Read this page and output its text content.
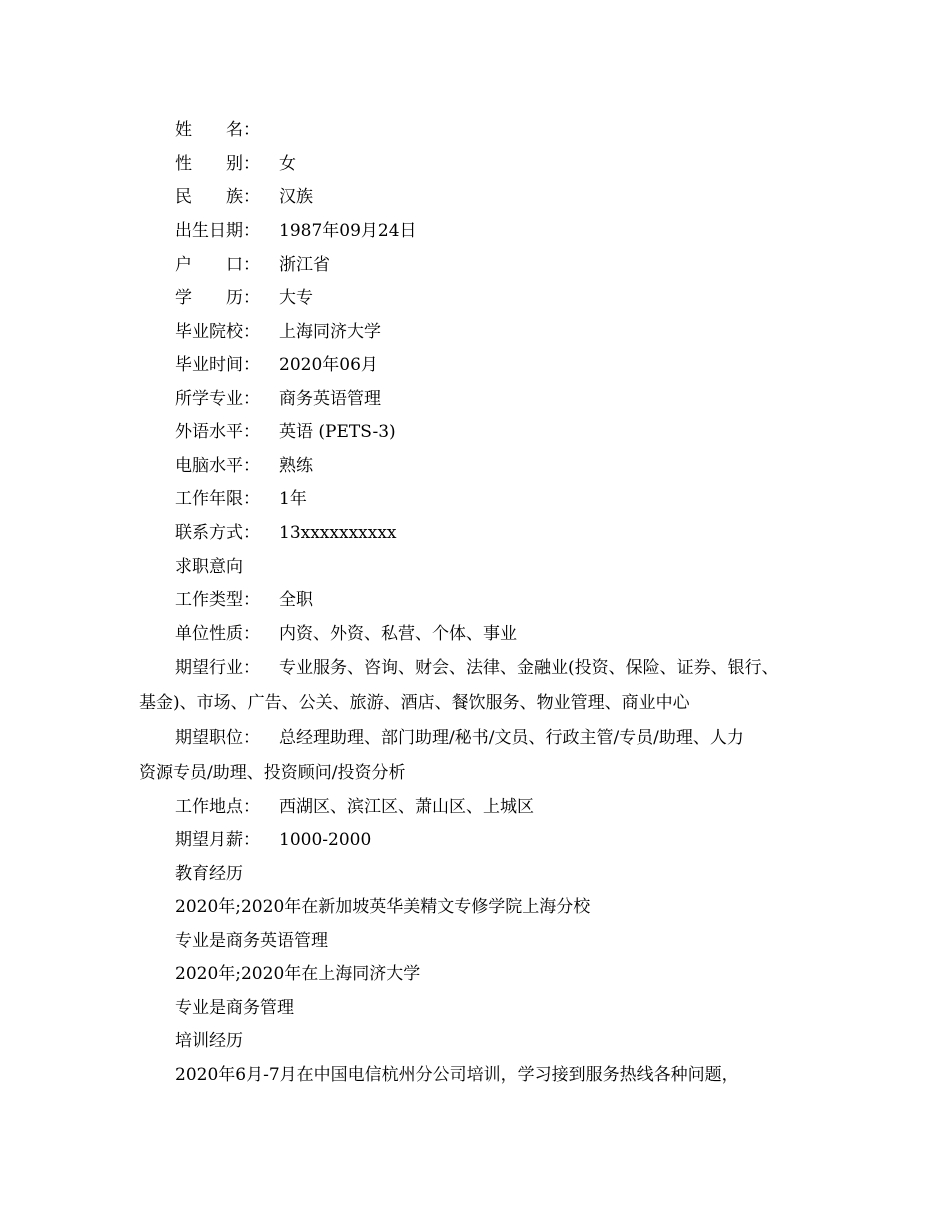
姓　　名：
性　　别： 女
民　　族： 汉族
出生日期： 1987年09月24日
户　　口： 浙江省
学　　历： 大专
毕业院校： 上海同济大学
毕业时间： 2020年06月
所学专业： 商务英语管理
外语水平： 英语 (PETS-3)
电脑水平： 熟练
工作年限： 1年
联系方式： 13xxxxxxxxxx
求职意向
工作类型： 全职
单位性质： 内资、外资、私营、个体、事业
期望行业： 专业服务、咨询、财会、法律、金融业(投资、保险、证券、银行、
基金)、市场、广告、公关、旅游、酒店、餐饮服务、物业管理、商业中心
期望职位： 总经理助理、部门助理/秘书/文员、行政主管/专员/助理、人力
资源专员/助理、投资顾问/投资分析
工作地点： 西湖区、滨江区、萧山区、上城区
期望月薪： 1000-2000
教育经历
2020年;2020年在新加坡英华美精文专修学院上海分校
专业是商务英语管理
2020年;2020年在上海同济大学
专业是商务管理
培训经历
2020年6月-7月在中国电信杭州分公司培训，学习接到服务热线各种问题，
